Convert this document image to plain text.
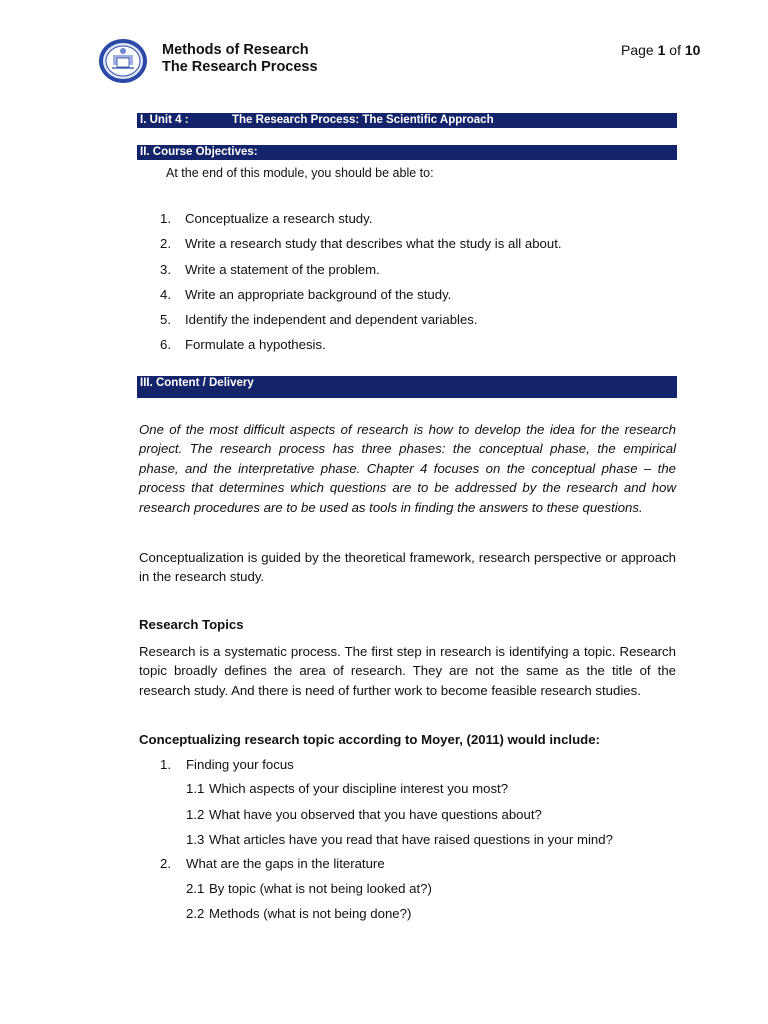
Methods of Research
The Research Process
Page 1 of 10
I. Unit 4 :	The Research Process: The Scientific Approach
II. Course Objectives:
At the end of this module, you should be able to:
1. Conceptualize a research study.
2. Write a research study that describes what the study is all about.
3. Write a statement of the problem.
4. Write an appropriate background of the study.
5. Identify the independent and dependent variables.
6. Formulate a hypothesis.
III. Content / Delivery
One of the most difficult aspects of research is how to develop the idea for the research project. The research process has three phases: the conceptual phase, the empirical phase, and the interpretative phase. Chapter 4 focuses on the conceptual phase – the process that determines which questions are to be addressed by the research and how research procedures are to be used as tools in finding the answers to these questions.
Conceptualization is guided by the theoretical framework, research perspective or approach in the research study.
Research Topics
Research is a systematic process. The first step in research is identifying a topic. Research topic broadly defines the area of research. They are not the same as the title of the research study. And there is need of further work to become feasible research studies.
Conceptualizing research topic according to Moyer, (2011) would include:
1. Finding your focus
1.1 Which aspects of your discipline interest you most?
1.2 What have you observed that you have questions about?
1.3 What articles have you read that have raised questions in your mind?
2. What are the gaps in the literature
2.1 By topic (what is not being looked at?)
2.2 Methods (what is not being done?)
